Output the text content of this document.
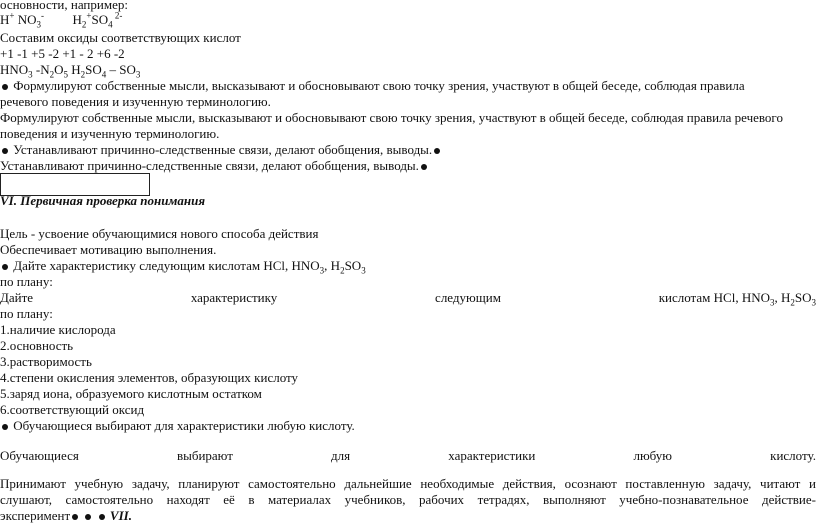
основности, например:
H+ $NO_3^-$ $H_2^+SO_4$ $^{2-}$
Составим оксиды соответствующих кислот
+1 -1 +5 -2 +1 - 2 +6 -2
$HNO_3$ $-N_2O_5$ $H_2SO_4 - SO_3$
Формулируют собственные мысли, высказывают и обосновывают свою точку зрения, участвуют в общей беседе, соблюдая правила
речевого поведения и изученную терминологию.
Формулируют собственные мысли, высказывают и обосновывают свою точку зрения, участвуют в общей беседе, соблюдая правила речевого
поведения и изученную терминологию.
Устанавливают причинно-следственные связи, делают обобщения, выводы.
Устанавливают причинно-следственные связи, делают обобщения, выводы.
VI. Первичная проверка понимания
Цель - усвоение обучающимися нового способа действия
Обеспечивает мотивацию выполнения.
Дайте характеристику следующим кислотам HCl, $HNO_3$, $H_2SO_3$
по плану:
Дайте	характеристику	следующим	кислотам HCl, $HNO_3$, $H_2SO_3$
по плану:
1.наличие кислорода
2.основность
3.растворимость
4.степени окисления элементов, образующих кислоту
5.заряд иона, образуемого кислотным остатком
6.соответствующий оксид
Обучающиеся выбирают для характеристики любую кислоту.
Обучающиеся	выбирают	для	характеристики	любую	кислоту.
Принимают учебную задачу, планируют самостоятельно дальнейшие необходимые действия, осознают поставленную задачу, читают и
слушают, самостоятельно находят её в материалах учебников, рабочих тетрадях, выполняют учебно-познавательное действие-
эксперимент	VII.
